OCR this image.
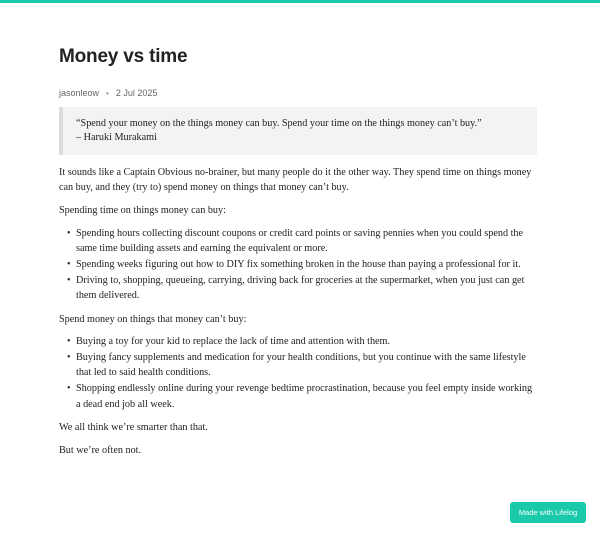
Money vs time
jasonleow • 2 Jul 2025
“Spend your money on the things money can buy. Spend your time on the things money can’t buy.”
– Haruki Murakami

It sounds like a Captain Obvious no-brainer, but many people do it the other way. They spend time on things money can buy, and they (try to) spend money on things that money can’t buy.

Spending time on things money can buy:

• Spending hours collecting discount coupons or credit card points or saving pennies when you could spend the same time building assets and earning the equivalent or more.
• Spending weeks figuring out how to DIY fix something broken in the house than paying a professional for it.
• Driving to, shopping, queueing, carrying, driving back for groceries at the supermarket, when you just can get them delivered.

Spend money on things that money can’t buy:

• Buying a toy for your kid to replace the lack of time and attention with them.
• Buying fancy supplements and medication for your health conditions, but you continue with the same lifestyle that led to said health conditions.
• Shopping endlessly online during your revenge bedtime procrastination, because you feel empty inside working a dead end job all week.

We all think we’re smarter than that.

But we’re often not.

Made with Lifelog
